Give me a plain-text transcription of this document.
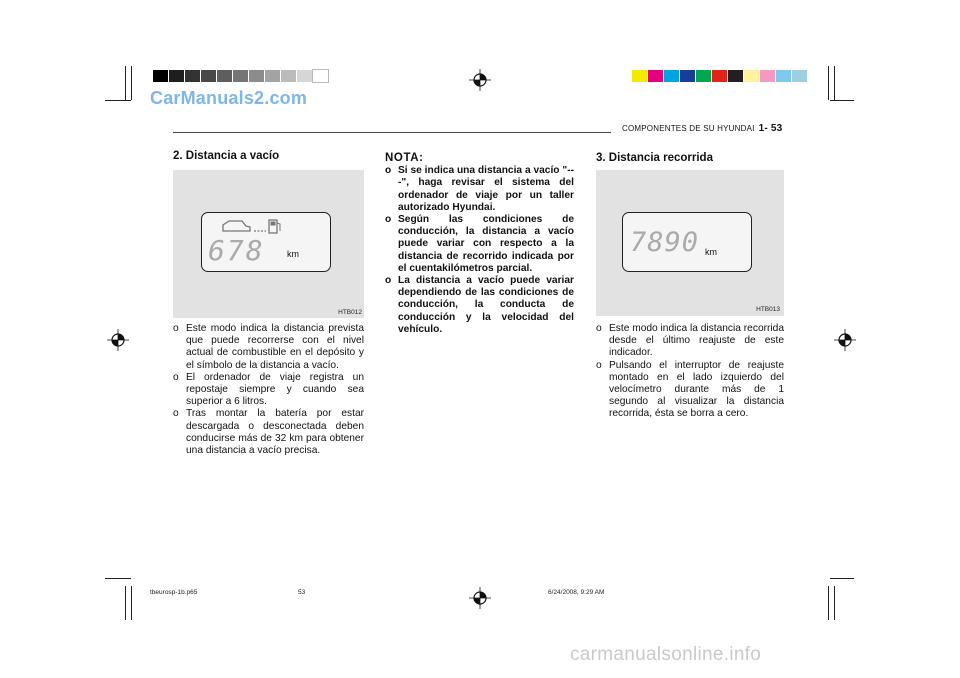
CarManuals2.com
COMPONENTES DE SU HYUNDAI 1- 53
2. Distancia a vacío
678 km
HTB012
o Este modo indica la distancia prevista que puede recorrerse con el nivel actual de combustible en el depósito y el símbolo de la distancia a vacío.
o El ordenador de viaje registra un repostaje siempre y cuando sea superior a 6 litros.
o Tras montar la batería por estar descargada o desconectada deben conducirse más de 32 km para obtener una distancia a vacío precisa.
NOTA:
o Si se indica una distancia a vacío "---", haga revisar el sistema del ordenador de viaje por un taller autorizado Hyundai.
o Según las condiciones de conducción, la distancia a vacío puede variar con respecto a la distancia de recorrido indicada por el cuentakilómetros parcial.
o La distancia a vacío puede variar dependiendo de las condiciones de conducción, la conducta de conducción y la velocidad del vehículo.
3. Distancia recorrida
7890 km
HTB013
o Este modo indica la distancia recorrida desde el último reajuste de este indicador.
o Pulsando el interruptor de reajuste montado en el lado izquierdo del velocímetro durante más de 1 segundo al visualizar la distancia recorrida, ésta se borra a cero.
tbeurosp-1b.p65	53	6/24/2008, 9:29 AM
carmanualsonline.info
